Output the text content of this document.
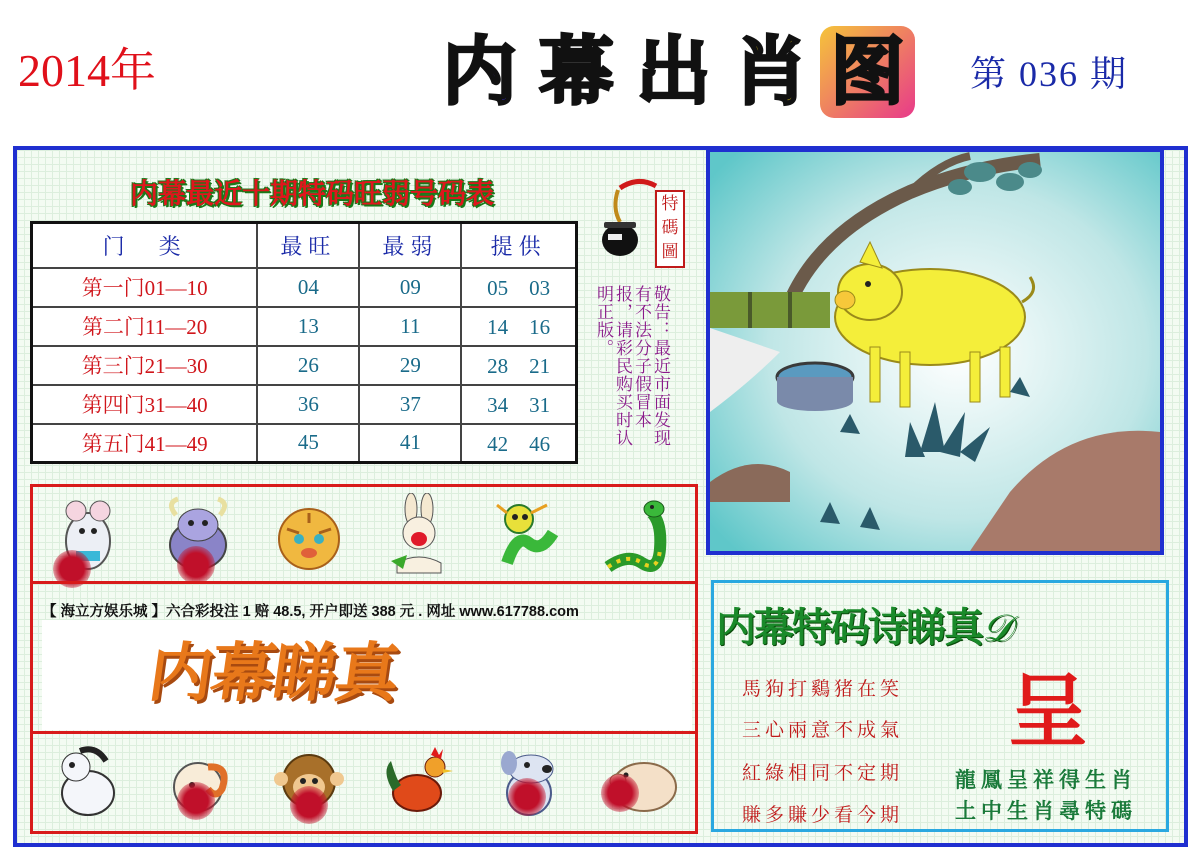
2014年	内 幕 出 肖 图 第 036 期
内幕最近十期特码旺弱号码表
门　类	最旺	最弱	提供
第一门01—10	04	09	05　03
第二门11—20	13	11	14　16
第三门21—30	26	29	28　21
第四门31—40	36	37	34　31
第五门41—49	45	41	42　46
特碼圖
敬告：最近市面发现有不法分子假冒本报，请彩民购买时认明正版。
【 海立方娱乐城 】六合彩投注 1 赔 48.5, 开户即送 388 元 . 网址 www.617788.com
内幕睇真
内幕特码诗睇真𝒟
馬狗打鷄猪在笑
三心兩意不成氣
紅綠相同不定期
賺多賺少看今期
呈
龍鳳呈祥得生肖
土中生肖尋特碼
